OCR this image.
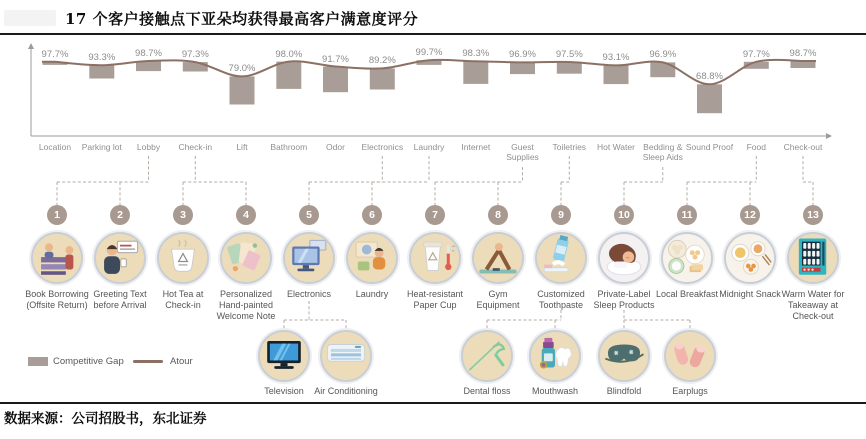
17 个客户接触点下亚朵均获得最高客户满意度评分
97.7%
Location
93.3%
Parking lot
98.7%
Lobby
97.3%
Check-in
79.0%
Lift
98.0%
Bathroom
91.7%
Odor
89.2%
Electronics
99.7%
Laundry
98.3%
Internet
96.9%
Guest Supplies
97.5%
Toiletries
93.1%
Hot Water
96.9%
Bedding & Sleep Aids
68.8%
Sound Proof
97.7%
Food
98.7%
Check-out
1
Book Borrowing (Offsite Return)
2
Greeting Text before Arrival
3
Hot Tea at Check-in
4
Personalized Hand-painted Welcome Note
5
Electronics
6
Laundry
7
Heat-resistant Paper Cup
8
Gym Equipment
9
Customized Toothpaste
10
Private-Label Sleep Products
11
Local Breakfast
12
Midnight Snack
13
Warm Water for Takeaway at Check-out
Television	Air Conditioning	Dental floss	Mouthwash	Blindfold	Earplugs
Competitive Gap	Atour
数据来源：公司招股书，东北证券
